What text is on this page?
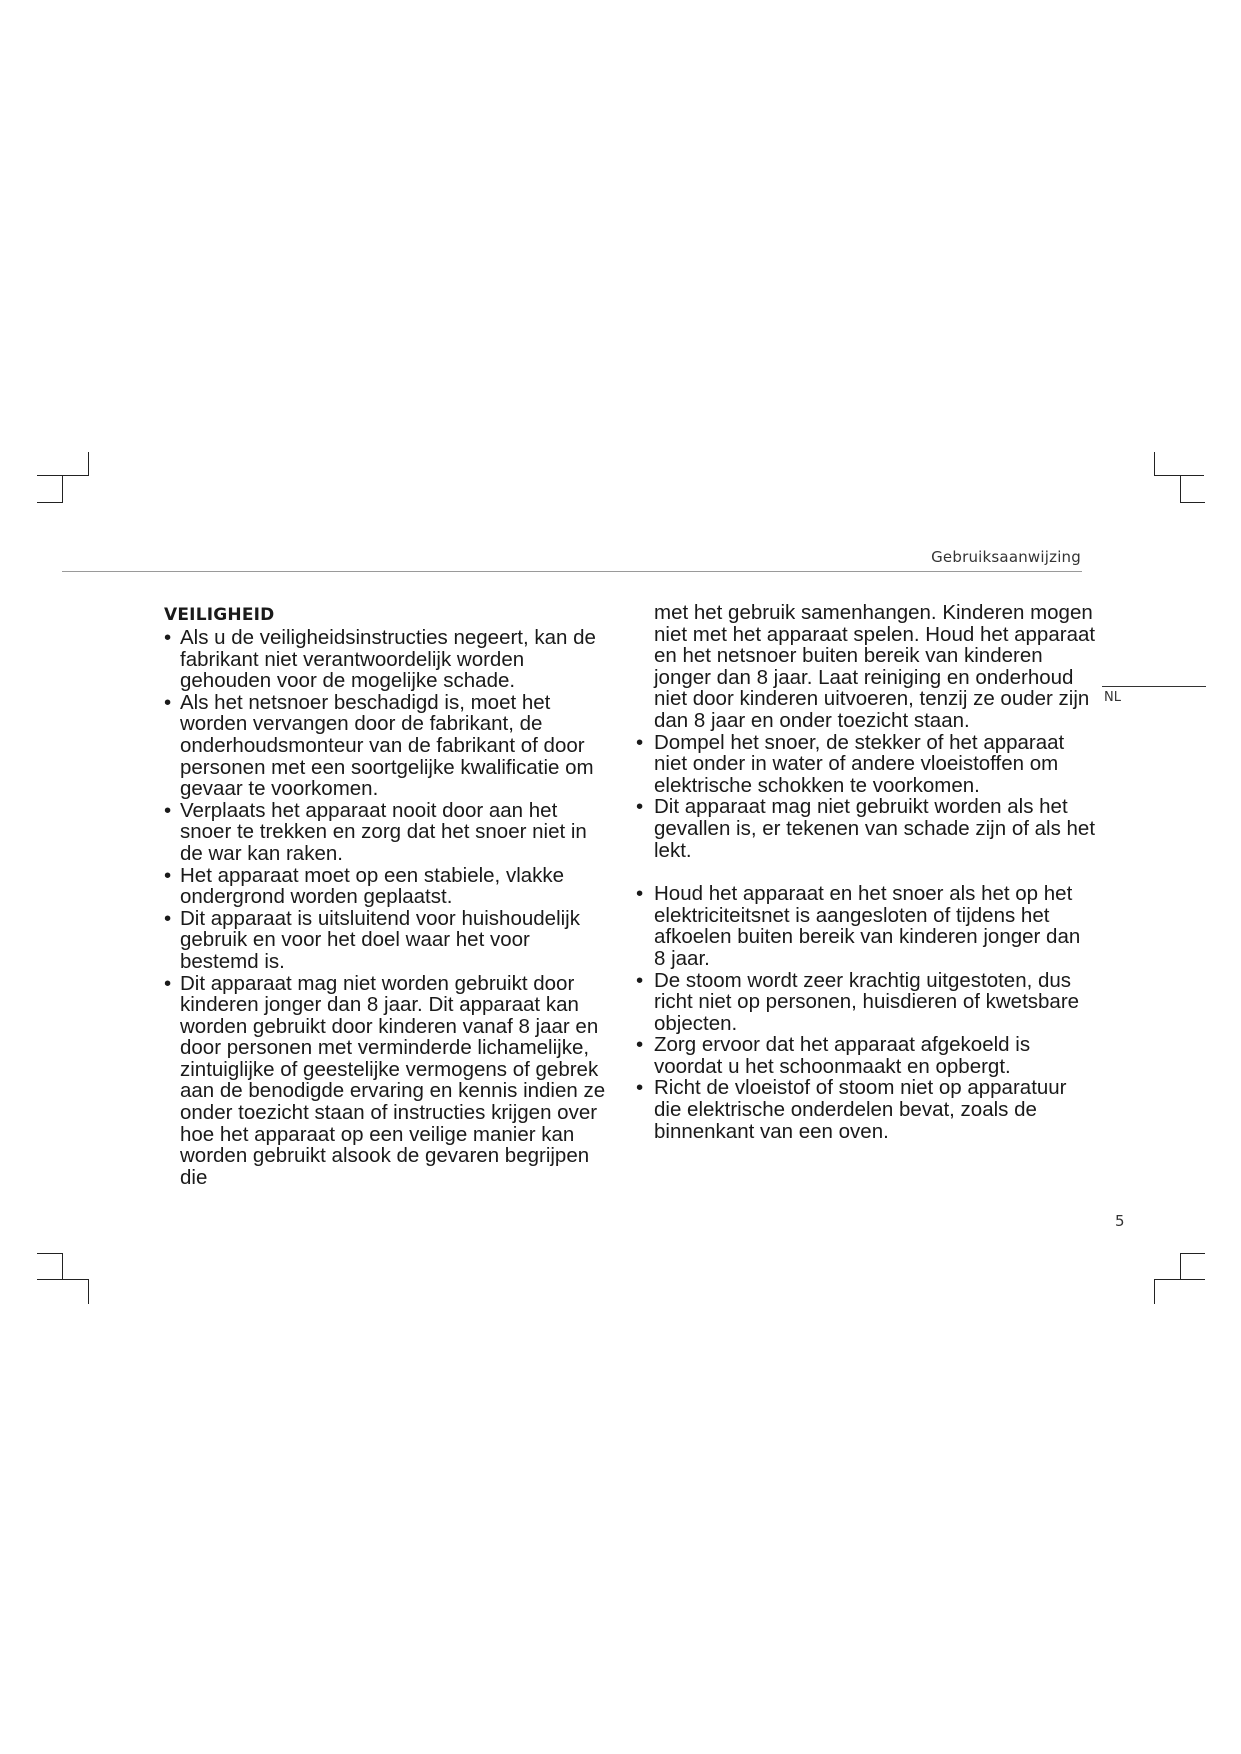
Gebruiksaanwijzing
NL
VEILIGHEID
• Als u de veiligheidsinstructies negeert, kan de fabrikant niet verantwoordelijk worden gehouden voor de mogelijke schade.
• Als het netsnoer beschadigd is, moet het worden vervangen door de fabrikant, de onderhoudsmonteur van de fabrikant of door personen met een soortgelijke kwalificatie om gevaar te voorkomen.
• Verplaats het apparaat nooit door aan het snoer te trekken en zorg dat het snoer niet in de war kan raken.
• Het apparaat moet op een stabiele, vlakke ondergrond worden geplaatst.
• Dit apparaat is uitsluitend voor huishoudelijk gebruik en voor het doel waar het voor bestemd is.
• Dit apparaat mag niet worden gebruikt door kinderen jonger dan 8 jaar. Dit apparaat kan worden gebruikt door kinderen vanaf 8 jaar en door personen met verminderde lichamelijke, zintuiglijke of geestelijke vermogens of gebrek aan de benodigde ervaring en kennis indien ze onder toezicht staan of instructies krijgen over hoe het apparaat op een veilige manier kan worden gebruikt alsook de gevaren begrijpen die

met het gebruik samenhangen. Kinderen mogen niet met het apparaat spelen. Houd het apparaat en het netsnoer buiten bereik van kinderen jonger dan 8 jaar. Laat reiniging en onderhoud niet door kinderen uitvoeren, tenzij ze ouder zijn dan 8 jaar en onder toezicht staan.

• Dompel het snoer, de stekker of het apparaat niet onder in water of andere vloeistoffen om elektrische schokken te voorkomen.
• Dit apparaat mag niet gebruikt worden als het gevallen is, er tekenen van schade zijn of als het lekt.
• Houd het apparaat en het snoer als het op het elektriciteitsnet is aangesloten of tijdens het afkoelen buiten bereik van kinderen jonger dan 8 jaar.
• De stoom wordt zeer krachtig uitgestoten, dus richt niet op personen, huisdieren of kwetsbare objecten.
• Zorg ervoor dat het apparaat afgekoeld is voordat u het schoonmaakt en opbergt.
• Richt de vloeistof of stoom niet op apparatuur die elektrische onderdelen bevat, zoals de binnenkant van een oven.
5
